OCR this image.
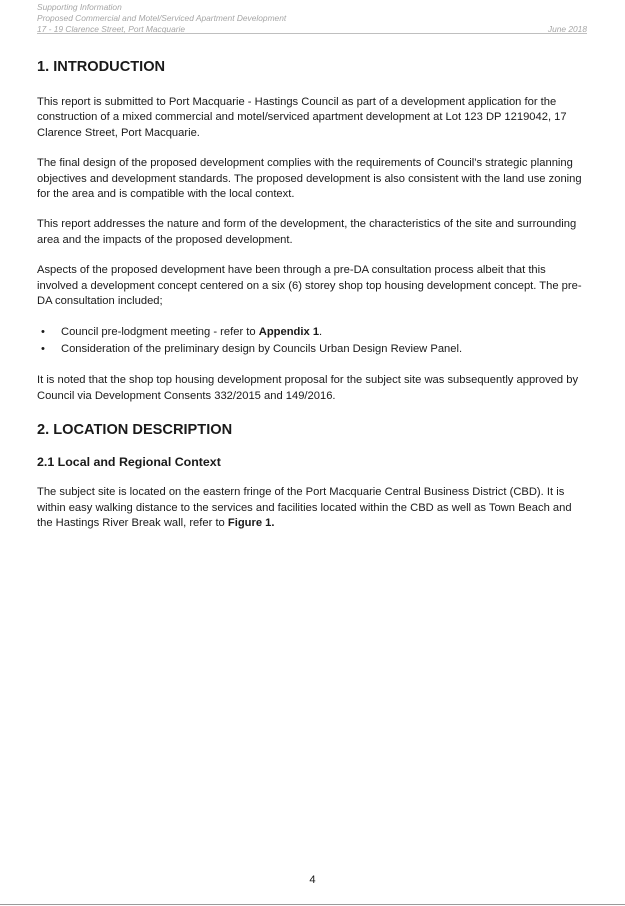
Supporting Information
Proposed Commercial and Motel/Serviced Apartment Development
17 - 19 Clarence Street, Port Macquarie	June 2018
1. INTRODUCTION

This report is submitted to Port Macquarie - Hastings Council as part of a development application for the construction of a mixed commercial and motel/serviced apartment development at Lot 123 DP 1219042, 17 Clarence Street, Port Macquarie.

The final design of the proposed development complies with the requirements of Council’s strategic planning objectives and development standards. The proposed development is also consistent with the land use zoning for the area and is compatible with the local context.

This report addresses the nature and form of the development, the characteristics of the site and surrounding area and the impacts of the proposed development.

Aspects of the proposed development have been through a pre-DA consultation process albeit that this involved a development concept centered on a six (6) storey shop top housing development concept. The pre-DA consultation included;

• Council pre-lodgment meeting - refer to Appendix 1.
• Consideration of the preliminary design by Councils Urban Design Review Panel.

It is noted that the shop top housing development proposal for the subject site was subsequently approved by Council via Development Consents 332/2015 and 149/2016.

2. LOCATION DESCRIPTION
2.1 Local and Regional Context

The subject site is located on the eastern fringe of the Port Macquarie Central Business District (CBD). It is within easy walking distance to the services and facilities located within the CBD as well as Town Beach and the Hastings River Break wall, refer to Figure 1.

4
